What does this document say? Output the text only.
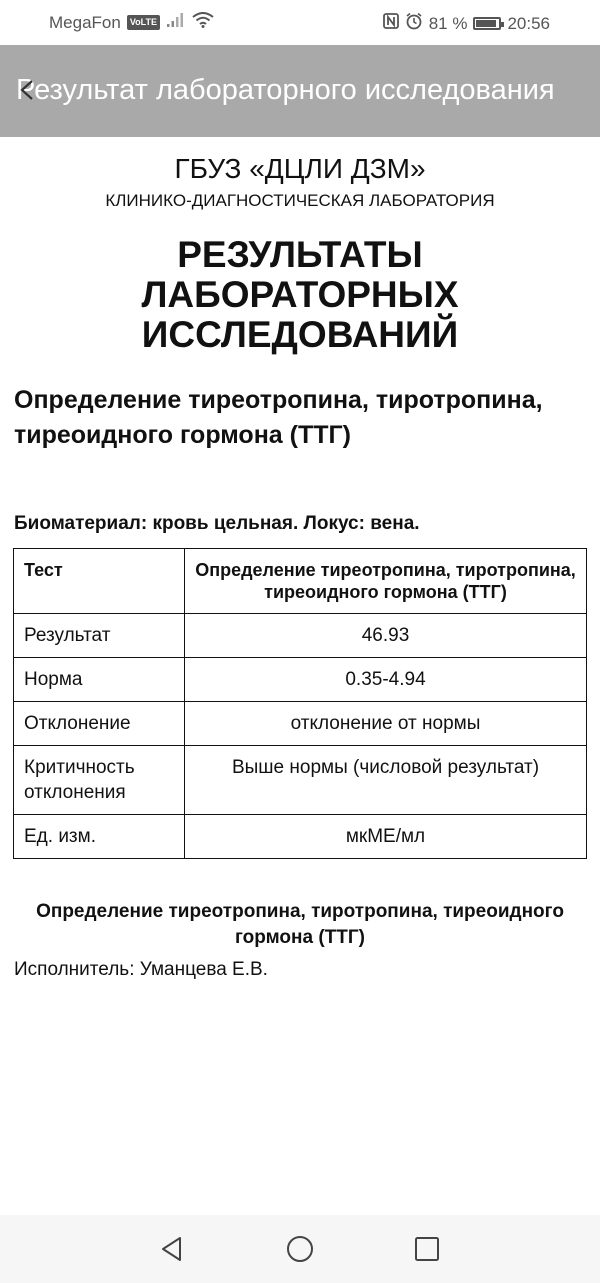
MegaFon	VoLTE	81 % 20:56
Результат лабораторного исследования
ГБУЗ «ДЦЛИ ДЗМ»
КЛИНИКО-ДИАГНОСТИЧЕСКАЯ ЛАБОРАТОРИЯ
РЕЗУЛЬТАТЫ ЛАБОРАТОРНЫХ ИССЛЕДОВАНИЙ
Определение тиреотропина, тиротропина, тиреоидного гормона (ТТГ)
Биоматериал: кровь цельная. Локус: вена.
Тест	Определение тиреотропина, тиротропина, тиреоидного гормона (ТТГ)
Результат	46.93
Норма	0.35-4.94
Отклонение	отклонение от нормы
Критичность отклонения	Выше нормы (числовой результат)
Ед. изм.	мкМЕ/мл
Определение тиреотропина, тиротропина, тиреоидного гормона (ТТГ)
Исполнитель: Уманцева Е.В.
